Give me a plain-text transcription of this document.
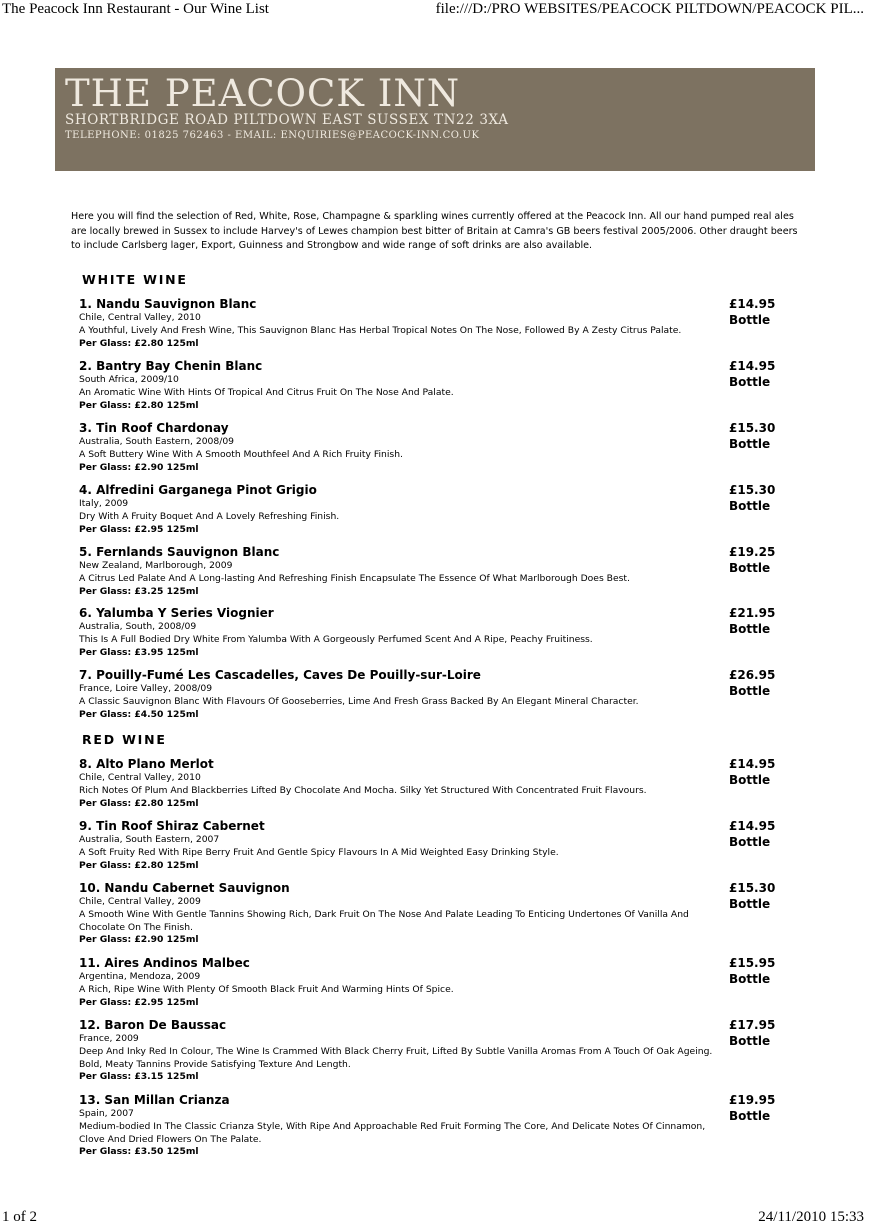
The Peacock Inn Restaurant - Our Wine List	file:///D:/PRO WEBSITES/PEACOCK PILTDOWN/PEACOCK PIL...
THE PEACOCK INN
SHORTBRIDGE ROAD PILTDOWN EAST SUSSEX TN22 3XA
TELEPHONE: 01825 762463 - EMAIL: ENQUIRIES@PEACOCK-INN.CO.UK
Here you will find the selection of Red, White, Rose, Champagne & sparkling wines currently offered at the Peacock Inn. All our hand pumped real ales are locally brewed in Sussex to include Harvey's of Lewes champion best bitter of Britain at Camra's GB beers festival 2005/2006. Other draught beers to include Carlsberg lager, Export, Guinness and Strongbow and wide range of soft drinks are also available.
WHITE WINE
1. Nandu Sauvignon Blanc
Chile, Central Valley, 2010
A Youthful, Lively And Fresh Wine, This Sauvignon Blanc Has Herbal Tropical Notes On The Nose, Followed By A Zesty Citrus Palate.
Per Glass: £2.80 125ml
£14.95
Bottle
2. Bantry Bay Chenin Blanc
South Africa, 2009/10
An Aromatic Wine With Hints Of Tropical And Citrus Fruit On The Nose And Palate.
Per Glass: £2.80 125ml
£14.95
Bottle
3. Tin Roof Chardonay
Australia, South Eastern, 2008/09
A Soft Buttery Wine With A Smooth Mouthfeel And A Rich Fruity Finish.
Per Glass: £2.90 125ml
£15.30
Bottle
4. Alfredini Garganega Pinot Grigio
Italy, 2009
Dry With A Fruity Boquet And A Lovely Refreshing Finish.
Per Glass: £2.95 125ml
£15.30
Bottle
5. Fernlands Sauvignon Blanc
New Zealand, Marlborough, 2009
A Citrus Led Palate And A Long-lasting And Refreshing Finish Encapsulate The Essence Of What Marlborough Does Best.
Per Glass: £3.25 125ml
£19.25
Bottle
6. Yalumba Y Series Viognier
Australia, South, 2008/09
This Is A Full Bodied Dry White From Yalumba With A Gorgeously Perfumed Scent And A Ripe, Peachy Fruitiness.
Per Glass: £3.95 125ml
£21.95
Bottle
7. Pouilly-Fumé Les Cascadelles, Caves De Pouilly-sur-Loire
France, Loire Valley, 2008/09
A Classic Sauvignon Blanc With Flavours Of Gooseberries, Lime And Fresh Grass Backed By An Elegant Mineral Character.
Per Glass: £4.50 125ml
£26.95
Bottle
RED WINE
8. Alto Plano Merlot
Chile, Central Valley, 2010
Rich Notes Of Plum And Blackberries Lifted By Chocolate And Mocha. Silky Yet Structured With Concentrated Fruit Flavours.
Per Glass: £2.80 125ml
£14.95
Bottle
9. Tin Roof Shiraz Cabernet
Australia, South Eastern, 2007
A Soft Fruity Red With Ripe Berry Fruit And Gentle Spicy Flavours In A Mid Weighted Easy Drinking Style.
Per Glass: £2.80 125ml
£14.95
Bottle
10. Nandu Cabernet Sauvignon
Chile, Central Valley, 2009
A Smooth Wine With Gentle Tannins Showing Rich, Dark Fruit On The Nose And Palate Leading To Enticing Undertones Of Vanilla And Chocolate On The Finish.
Per Glass: £2.90 125ml
£15.30
Bottle
11. Aires Andinos Malbec
Argentina, Mendoza, 2009
A Rich, Ripe Wine With Plenty Of Smooth Black Fruit And Warming Hints Of Spice.
Per Glass: £2.95 125ml
£15.95
Bottle
12. Baron De Baussac
France, 2009
Deep And Inky Red In Colour, The Wine Is Crammed With Black Cherry Fruit, Lifted By Subtle Vanilla Aromas From A Touch Of Oak Ageing. Bold, Meaty Tannins Provide Satisfying Texture And Length.
Per Glass: £3.15 125ml
£17.95
Bottle
13. San Millan Crianza
Spain, 2007
Medium-bodied In The Classic Crianza Style, With Ripe And Approachable Red Fruit Forming The Core, And Delicate Notes Of Cinnamon, Clove And Dried Flowers On The Palate.
Per Glass: £3.50 125ml
£19.95
Bottle
1 of 2	24/11/2010 15:33
